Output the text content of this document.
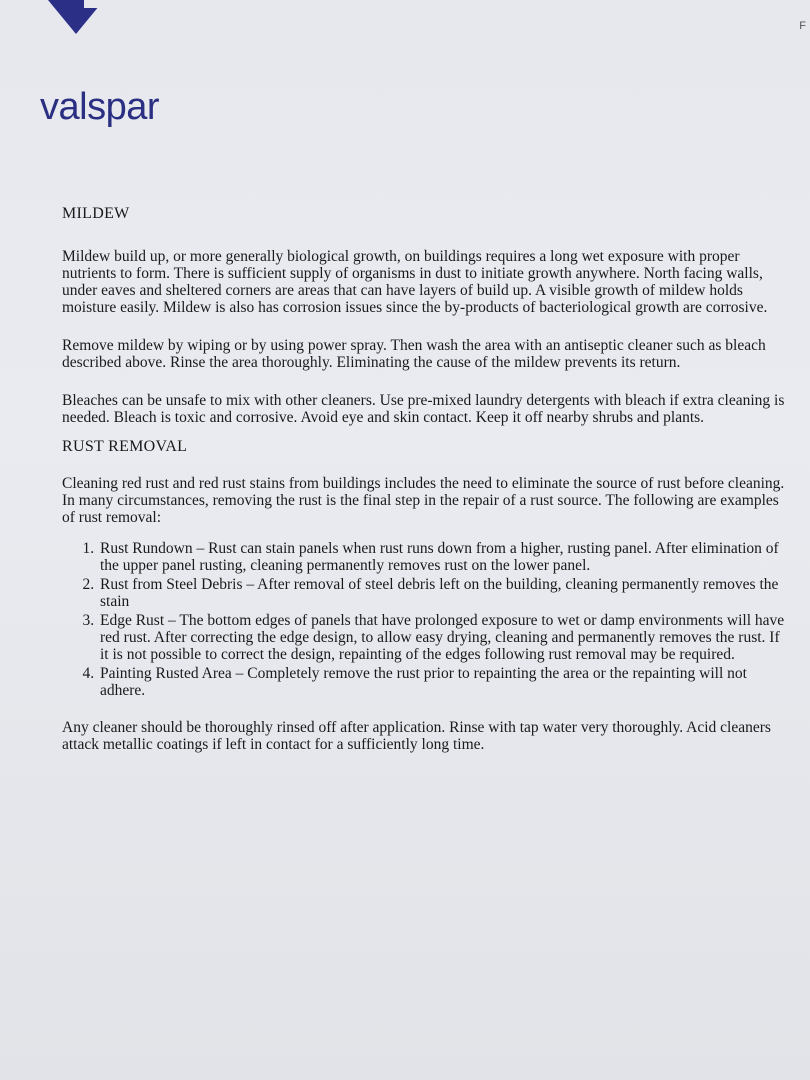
F
valspar
MILDEW

Mildew build up, or more generally biological growth, on buildings requires a long wet exposure with proper nutrients to form. There is sufficient supply of organisms in dust to initiate growth anywhere. North facing walls, under eaves and sheltered corners are areas that can have layers of build up. A visible growth of mildew holds moisture easily. Mildew is also has corrosion issues since the by-products of bacteriological growth are corrosive.

Remove mildew by wiping or by using power spray. Then wash the area with an antiseptic cleaner such as bleach described above. Rinse the area thoroughly. Eliminating the cause of the mildew prevents its return.

Bleaches can be unsafe to mix with other cleaners. Use pre-mixed laundry detergents with bleach if extra cleaning is needed. Bleach is toxic and corrosive. Avoid eye and skin contact. Keep it off nearby shrubs and plants.

RUST REMOVAL

Cleaning red rust and red rust stains from buildings includes the need to eliminate the source of rust before cleaning. In many circumstances, removing the rust is the final step in the repair of a rust source. The following are examples of rust removal:

1. Rust Rundown – Rust can stain panels when rust runs down from a higher, rusting panel. After elimination of the upper panel rusting, cleaning permanently removes rust on the lower panel.
2. Rust from Steel Debris – After removal of steel debris left on the building, cleaning permanently removes the stain
3. Edge Rust – The bottom edges of panels that have prolonged exposure to wet or damp environments will have red rust. After correcting the edge design, to allow easy drying, cleaning and permanently removes the rust. If it is not possible to correct the design, repainting of the edges following rust removal may be required.
4. Painting Rusted Area – Completely remove the rust prior to repainting the area or the repainting will not adhere.

Any cleaner should be thoroughly rinsed off after application. Rinse with tap water very thoroughly. Acid cleaners attack metallic coatings if left in contact for a sufficiently long time.
